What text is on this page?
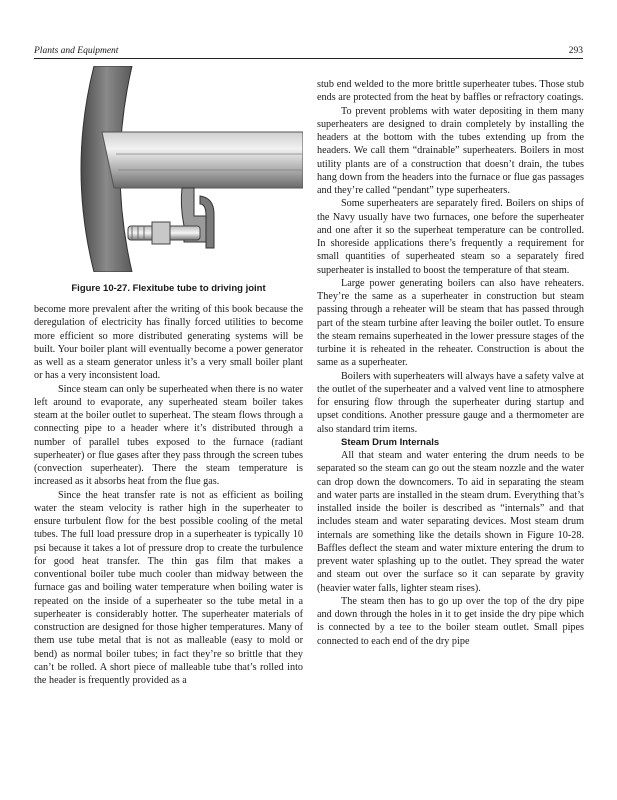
Plants and Equipment	293
Figure 10-27. Flexitube tube to driving joint

become more prevalent after the writing of this book because the deregulation of electricity has finally forced utilities to become more efficient so more distributed generating systems will be built. Your boiler plant will eventually become a power generator as well as a steam generator unless it’s a very small boiler plant or has a very inconsistent load.

Since steam can only be superheated when there is no water left around to evaporate, any superheated steam boiler takes steam at the boiler outlet to superheat. The steam flows through a connecting pipe to a header where it’s distributed through a number of parallel tubes exposed to the furnace (radiant superheater) or flue gases after they pass through the screen tubes (convection superheater). There the steam temperature is increased as it absorbs heat from the flue gas.

Since the heat transfer rate is not as efficient as boiling water the steam velocity is rather high in the superheater to ensure turbulent flow for the best possible cooling of the metal tubes. The full load pressure drop in a superheater is typically 10 psi because it takes a lot of pressure drop to create the turbulence for good heat transfer. The thin gas film that makes a conventional boiler tube much cooler than midway between the furnace gas and boiling water temperature when boiling water is repeated on the inside of a superheater so the tube metal in a superheater is considerably hotter. The superheater materials of construction are designed for those higher temperatures. Many of them use tube metal that is not as malleable (easy to mold or bend) as normal boiler tubes; in fact they’re so brittle that they can’t be rolled. A short piece of malleable tube that’s rolled into the header is frequently provided as a

stub end welded to the more brittle superheater tubes. Those stub ends are protected from the heat by baffles or refractory coatings.

To prevent problems with water depositing in them many superheaters are designed to drain completely by installing the headers at the bottom with the tubes extending up from the headers. We call them “drainable” superheaters. Boilers in most utility plants are of a construction that doesn’t drain, the tubes hang down from the headers into the furnace or flue gas passages and they’re called “pendant” type superheaters.

Some superheaters are separately fired. Boilers on ships of the Navy usually have two furnaces, one before the superheater and one after it so the superheat temperature can be controlled. In shoreside applications there’s frequently a requirement for small quantities of superheated steam so a separately fired superheater is installed to boost the temperature of that steam.

Large power generating boilers can also have reheaters. They’re the same as a superheater in construction but steam passing through a reheater will be steam that has passed through part of the steam turbine after leaving the boiler outlet. To ensure the steam remains superheated in the lower pressure stages of the turbine it is reheated in the reheater. Construction is about the same as a superheater.

Boilers with superheaters will always have a safety valve at the outlet of the superheater and a valved vent line to atmosphere for ensuring flow through the superheater during startup and upset conditions. Another pressure gauge and a thermometer are also standard trim items.

Steam Drum Internals

All that steam and water entering the drum needs to be separated so the steam can go out the steam nozzle and the water can drop down the downcomers. To aid in separating the steam and water parts are installed in the steam drum. Everything that’s installed inside the boiler is described as “internals” and that includes steam and water separating devices. Most steam drum internals are something like the details shown in Figure 10-28. Baffles deflect the steam and water mixture entering the drum to prevent water splashing up to the outlet. They spread the water and steam out over the surface so it can separate by gravity (heavier water falls, lighter steam rises).

The steam then has to go up over the top of the dry pipe and down through the holes in it to get inside the dry pipe which is connected by a tee to the boiler steam outlet. Small pipes connected to each end of the dry pipe
